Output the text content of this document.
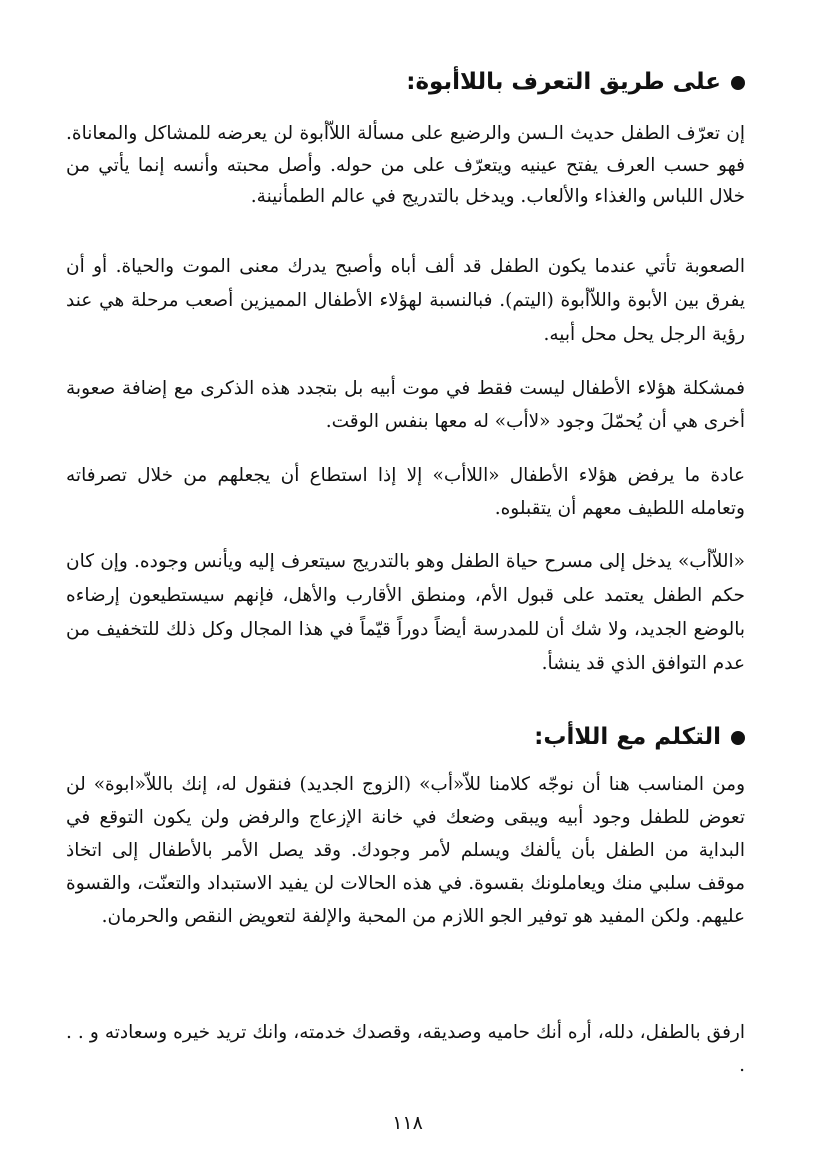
على طريق التعرف باللاأبوة:

إن تعرّف الطفل حديث الـسن والرضيع على مسألة اللاّأبوة لن يعرضه للمشاكل والمعاناة. فهو حسب العرف يفتح عينيه ويتعرّف على من حوله. وأصل محبته وأنسه إنما يأتي من خلال اللباس والغذاء والألعاب. ويدخل بالتدريج في عالم الطمأنينة.

الصعوبة تأتي عندما يكون الطفل قد ألف أباه وأصبح يدرك معنى الموت والحياة. أو أن يفرق بين الأبوة واللاّأبوة (اليتم). فبالنسبة لهؤلاء الأطفال المميزين أصعب مرحلة هي عند رؤية الرجل يحل محل أبيه.

فمشكلة هؤلاء الأطفال ليست فقط في موت أبيه بل بتجدد هذه الذكرى مع إضافة صعوبة أخرى هي أن يُحمّلَ وجود «لاأب» له معها بنفس الوقت.

عادة ما يرفض هؤلاء الأطفال «اللاأب» إلا إذا استطاع أن يجعلهم من خلال تصرفاته وتعامله اللطيف معهم أن يتقبلوه.

«اللاّأب» يدخل إلى مسرح حياة الطفل وهو بالتدريج سيتعرف إليه ويأنس وجوده. وإن كان حكم الطفل يعتمد على قبول الأم، ومنطق الأقارب والأهل، فإنهم سيستطيعون إرضاءه بالوضع الجديد، ولا شك أن للمدرسة أيضاً دوراً قيّماً في هذا المجال وكل ذلك للتخفيف من عدم التوافق الذي قد ينشأ.

التكلم مع اللاأب:

ومن المناسب هنا أن نوجّه كلامنا للاّ«أب» (الزوج الجديد) فنقول له، إنك باللاّ«ابوة» لن تعوض للطفل وجود أبيه ويبقى وضعك في خانة الإزعاج والرفض ولن يكون التوقع في البداية من الطفل بأن يألفك ويسلم لأمر وجودك. وقد يصل الأمر بالأطفال إلى اتخاذ موقف سلبي منك ويعاملونك بقسوة. في هذه الحالات لن يفيد الاستبداد والتعنّت، والقسوة عليهم. ولكن المفيد هو توفير الجو اللازم من المحبة والإلفة لتعويض النقص والحرمان.

ارفق بالطفل، دلله، أره أنك حاميه وصديقه، وقصدك خدمته، وانك تريد خيره وسعادته و . . .

١١٨
